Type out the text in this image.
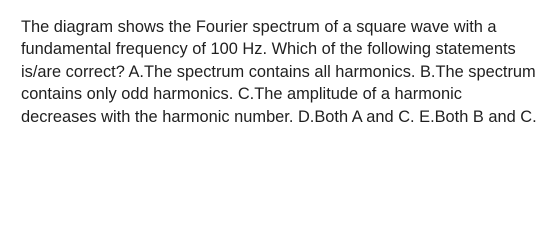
The diagram shows the Fourier spectrum of a square wave with a fundamental frequency of 100 Hz. Which of the following statements is/are correct? A.The spectrum contains all harmonics. B.The spectrum contains only odd harmonics. C.The amplitude of a harmonic decreases with the harmonic number. D.Both A and C. E.Both B and C.
